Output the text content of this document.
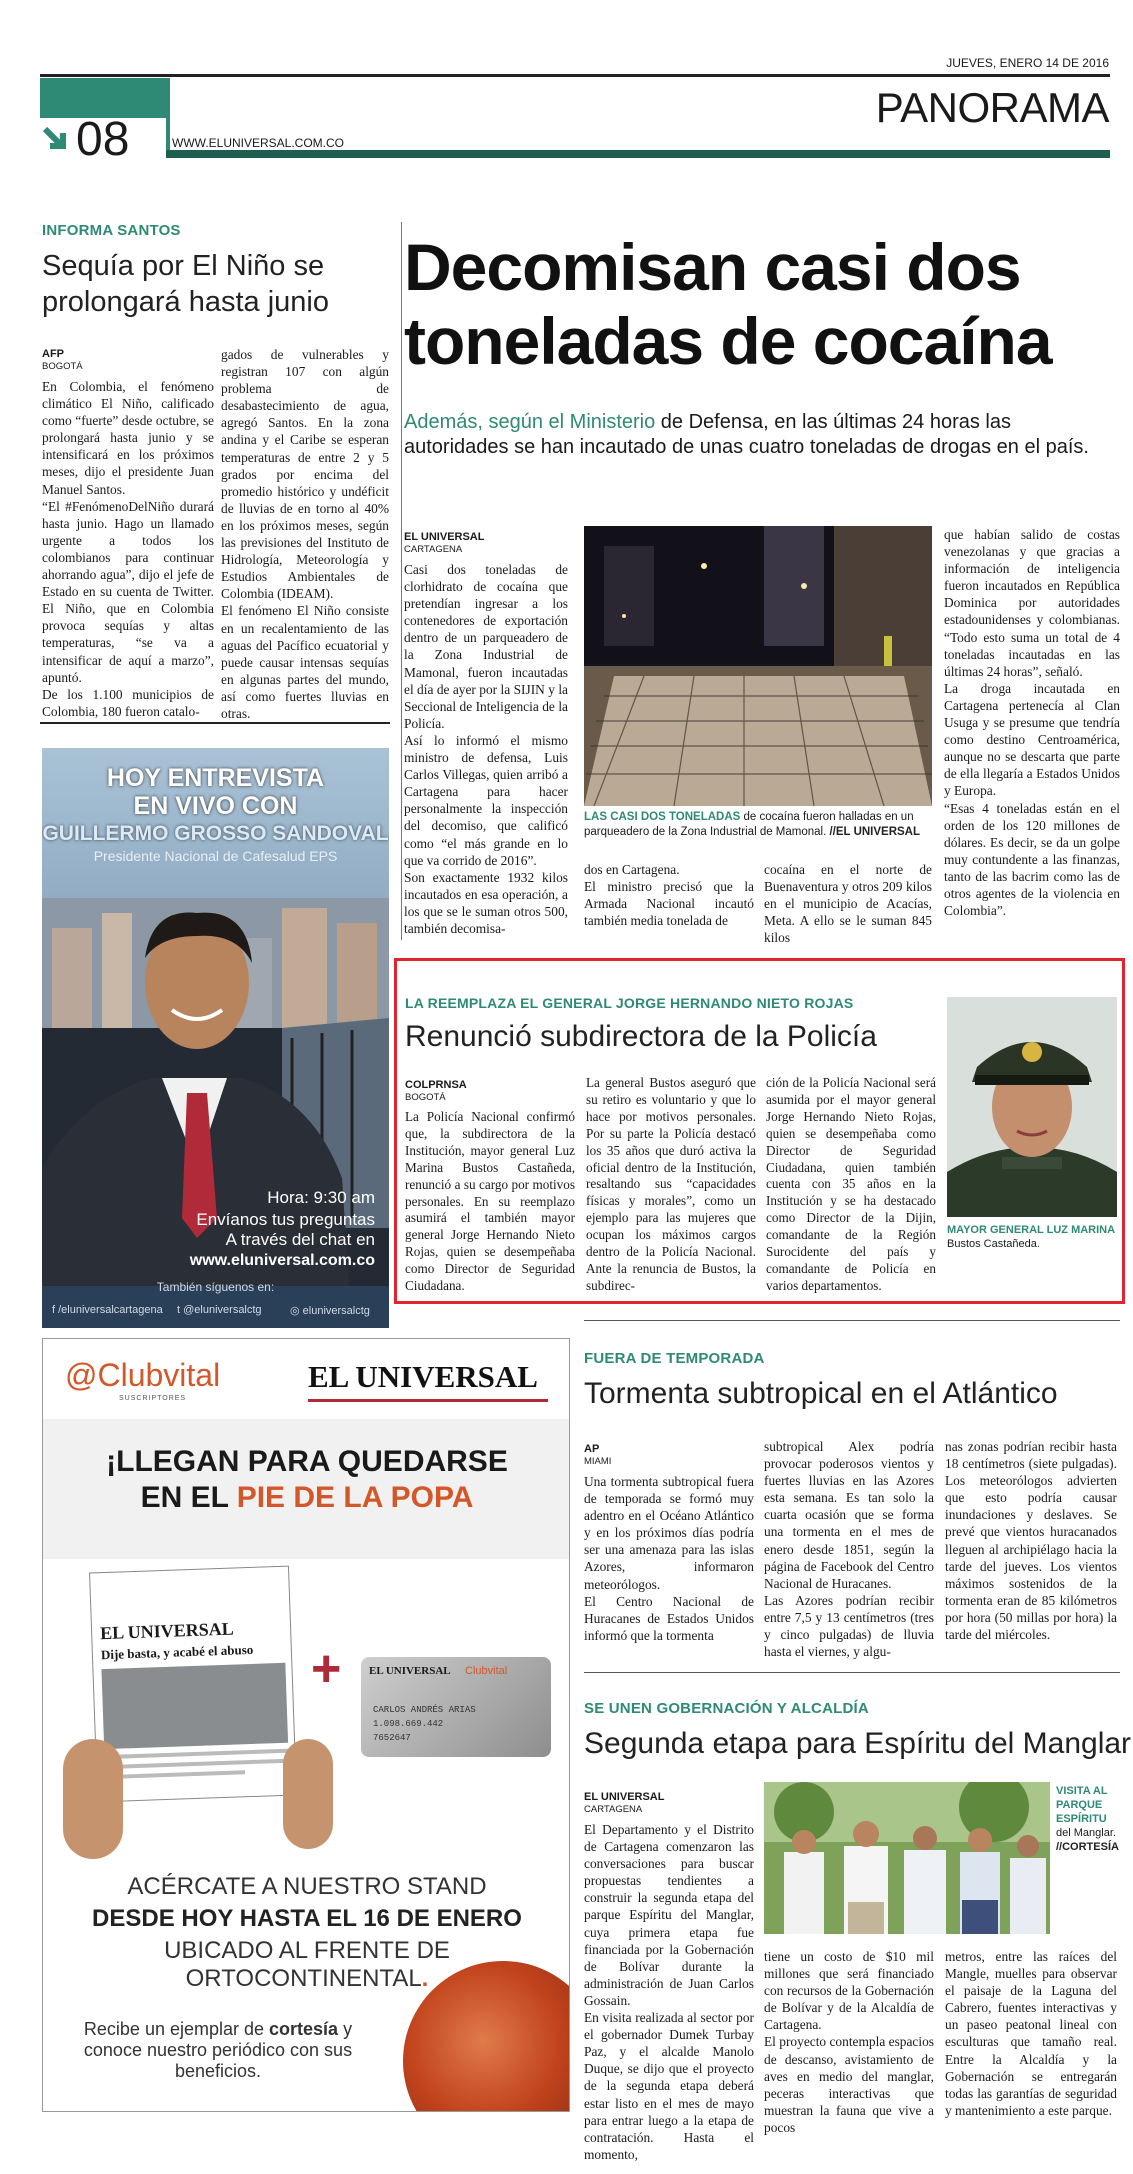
JUEVES, ENERO 14 DE 2016
PANORAMA
08	WWW.ELUNIVERSAL.COM.CO
INFORMA SANTOS
Sequía por El Niño se prolongará hasta junio
AFP
BOGOTÁ
En Colombia, el fenómeno climático El Niño, calificado como “fuerte” desde octubre, se prolongará hasta junio y se intensificará en los próximos meses, dijo el presidente Juan Manuel Santos.
“El #FenómenoDelNiño durará hasta junio. Hago un llamado urgente a todos los colombianos para continuar ahorrando agua”, dijo el jefe de Estado en su cuenta de Twitter. El Niño, que en Colombia provoca sequías y altas temperaturas, “se va a intensificar de aquí a marzo”, apuntó.
De los 1.100 municipios de Colombia, 180 fueron catalo-
gados de vulnerables y registran 107 con algún problema de desabastecimiento de agua, agregó Santos. En la zona andina y el Caribe se esperan temperaturas de entre 2 y 5 grados por encima del promedio histórico y undéficit de lluvias de en torno al 40% en los próximos meses, según las previsiones del Instituto de Hidrología, Meteorología y Estudios Ambientales de Colombia (IDEAM).
El fenómeno El Niño consiste en un recalentamiento de las aguas del Pacífico ecuatorial y puede causar intensas sequías en algunas partes del mundo, así como fuertes lluvias en otras.
HOY ENTREVISTA
EN VIVO CON
GUILLERMO GROSSO SANDOVAL
Presidente Nacional de Cafesalud EPS
Hora: 9:30 am
Envíanos tus preguntas
A través del chat en
www.eluniversal.com.co
También síguenos en:
f /eluniversalcartagena t @eluniversalctg	◎ eluniversalctg
Decomisan casi dos
toneladas de cocaína
Además, según el Ministerio de Defensa, en las últimas 24 horas las autoridades se han incautado de unas cuatro toneladas de drogas en el país.
EL UNIVERSAL
CARTAGENA
Casi dos toneladas de clorhidrato de cocaína que pretendían ingresar a los contenedores de exportación dentro de un parqueadero de la Zona Industrial de Mamonal, fueron incautadas el día de ayer por la SIJIN y la Seccional de Inteligencia de la Policía.
Así lo informó el mismo ministro de defensa, Luis Carlos Villegas, quien arribó a Cartagena para hacer personalmente la inspección del decomiso, que calificó como “el más grande en lo que va corrido de 2016”.
Son exactamente 1932 kilos incautados en esa operación, a los que se le suman otros 500, también decomisa-
LAS CASI DOS TONELADAS de cocaína fueron halladas en un parqueadero de la Zona Industrial de Mamonal. //EL UNIVERSAL
dos en Cartagena.
El ministro precisó que la Armada Nacional incautó también media tonelada de
cocaína en el norte de Buenaventura y otros 209 kilos en el municipio de Acacías, Meta. A ello se le suman 845 kilos
que habían salido de costas venezolanas y que gracias a información de inteligencia fueron incautados en República Dominica por autoridades estadounidenses y colombianas. “Todo esto suma un total de 4 toneladas incautadas en las últimas 24 horas”, señaló.
La droga incautada en Cartagena pertenecía al Clan Usuga y se presume que tendría como destino Centroamérica, aunque no se descarta que parte de ella llegaría a Estados Unidos y Europa.
“Esas 4 toneladas están en el orden de los 120 millones de dólares. Es decir, se da un golpe muy contundente a las finanzas, tanto de las bacrim como las de otros agentes de la violencia en Colombia”.
LA REEMPLAZA EL GENERAL JORGE HERNANDO NIETO ROJAS
Renunció subdirectora de la Policía
COLPRNSA
BOGOTÁ
La Policía Nacional confirmó que, la subdirectora de la Institución, mayor general Luz Marina Bustos Castañeda, renunció a su cargo por motivos personales. En su reemplazo asumirá el también mayor general Jorge Hernando Nieto Rojas, quien se desempeñaba como Director de Seguridad Ciudadana.
La general Bustos aseguró que su retiro es voluntario y que lo hace por motivos personales. Por su parte la Policía destacó los 35 años que duró activa la oficial dentro de la Institución, resaltando sus “capacidades físicas y morales”, como un ejemplo para las mujeres que ocupan los máximos cargos dentro de la Policía Nacional. Ante la renuncia de Bustos, la subdirec-
ción de la Policía Nacional será asumida por el mayor general Jorge Hernando Nieto Rojas, quien se desempeñaba como Director de Seguridad Ciudadana, quien también cuenta con 35 años en la Institución y se ha destacado como Director de la Dijin, comandante de la Región Surocidente del país y comandante de Policía en varios departamentos.
MAYOR GENERAL LUZ MARINA
Bustos Castañeda.
@Clubvital
SUSCRIPTORES
EL UNIVERSAL
¡LLEGAN PARA QUEDARSE
EN EL PIE DE LA POPA
EL UNIVERSAL
Dije basta, y acabé el abuso +	EL UNIVERSAL Clubvital
CARLOS ANDRÉS ARIAS
1.098.669.442
7652647
ACÉRCATE A NUESTRO STAND
DESDE HOY HASTA EL 16 DE ENERO
UBICADO AL FRENTE DE ORTOCONTINENTAL.
Recibe un ejemplar de cortesía y
conoce nuestro periódico con sus
beneficios.
FUERA DE TEMPORADA
Tormenta subtropical en el Atlántico
AP
MIAMI
Una tormenta subtropical fuera de temporada se formó muy adentro en el Océano Atlántico y en los próximos días podría ser una amenaza para las islas Azores, informaron meteorólogos.
El Centro Nacional de Huracanes de Estados Unidos informó que la tormenta
subtropical Alex podría provocar poderosos vientos y fuertes lluvias en las Azores esta semana. Es tan solo la cuarta ocasión que se forma una tormenta en el mes de enero desde 1851, según la página de Facebook del Centro Nacional de Huracanes.
Las Azores podrían recibir entre 7,5 y 13 centímetros (tres y cinco pulgadas) de lluvia hasta el viernes, y algu-
nas zonas podrían recibir hasta 18 centímetros (siete pulgadas). Los meteorólogos advierten que esto podría causar inundaciones y deslaves. Se prevé que vientos huracanados lleguen al archipiélago hacia la tarde del jueves. Los vientos máximos sostenidos de la tormenta eran de 85 kilómetros por hora (50 millas por hora) la tarde del miércoles.
SE UNEN GOBERNACIÓN Y ALCALDÍA
Segunda etapa para Espíritu del Manglar
EL UNIVERSAL
CARTAGENA
El Departamento y el Distrito de Cartagena comenzaron las conversaciones para buscar propuestas tendientes a construir la segunda etapa del parque Espíritu del Manglar, cuya primera etapa fue financiada por la Gobernación de Bolívar durante la administración de Juan Carlos Gossain.
En visita realizada al sector por el gobernador Dumek Turbay Paz, y el alcalde Manolo Duque, se dijo que el proyecto de la segunda etapa deberá estar listo en el mes de mayo para entrar luego a la etapa de contratación. Hasta el momento,
VISITA AL PARQUE ESPÍRITU del Manglar. //CORTESÍA
tiene un costo de $10 mil millones que será financiado con recursos de la Gobernación de Bolívar y de la Alcaldía de Cartagena.
El proyecto contempla espacios de descanso, avistamiento de aves en medio del manglar, peceras interactivas que muestran la fauna que vive a pocos
metros, entre las raíces del Mangle, muelles para observar el paisaje de la Laguna del Cabrero, fuentes interactivas y un paseo peatonal lineal con esculturas que tamaño real. Entre la Alcaldía y la Gobernación se entregarán todas las garantías de seguridad y mantenimiento a este parque.
